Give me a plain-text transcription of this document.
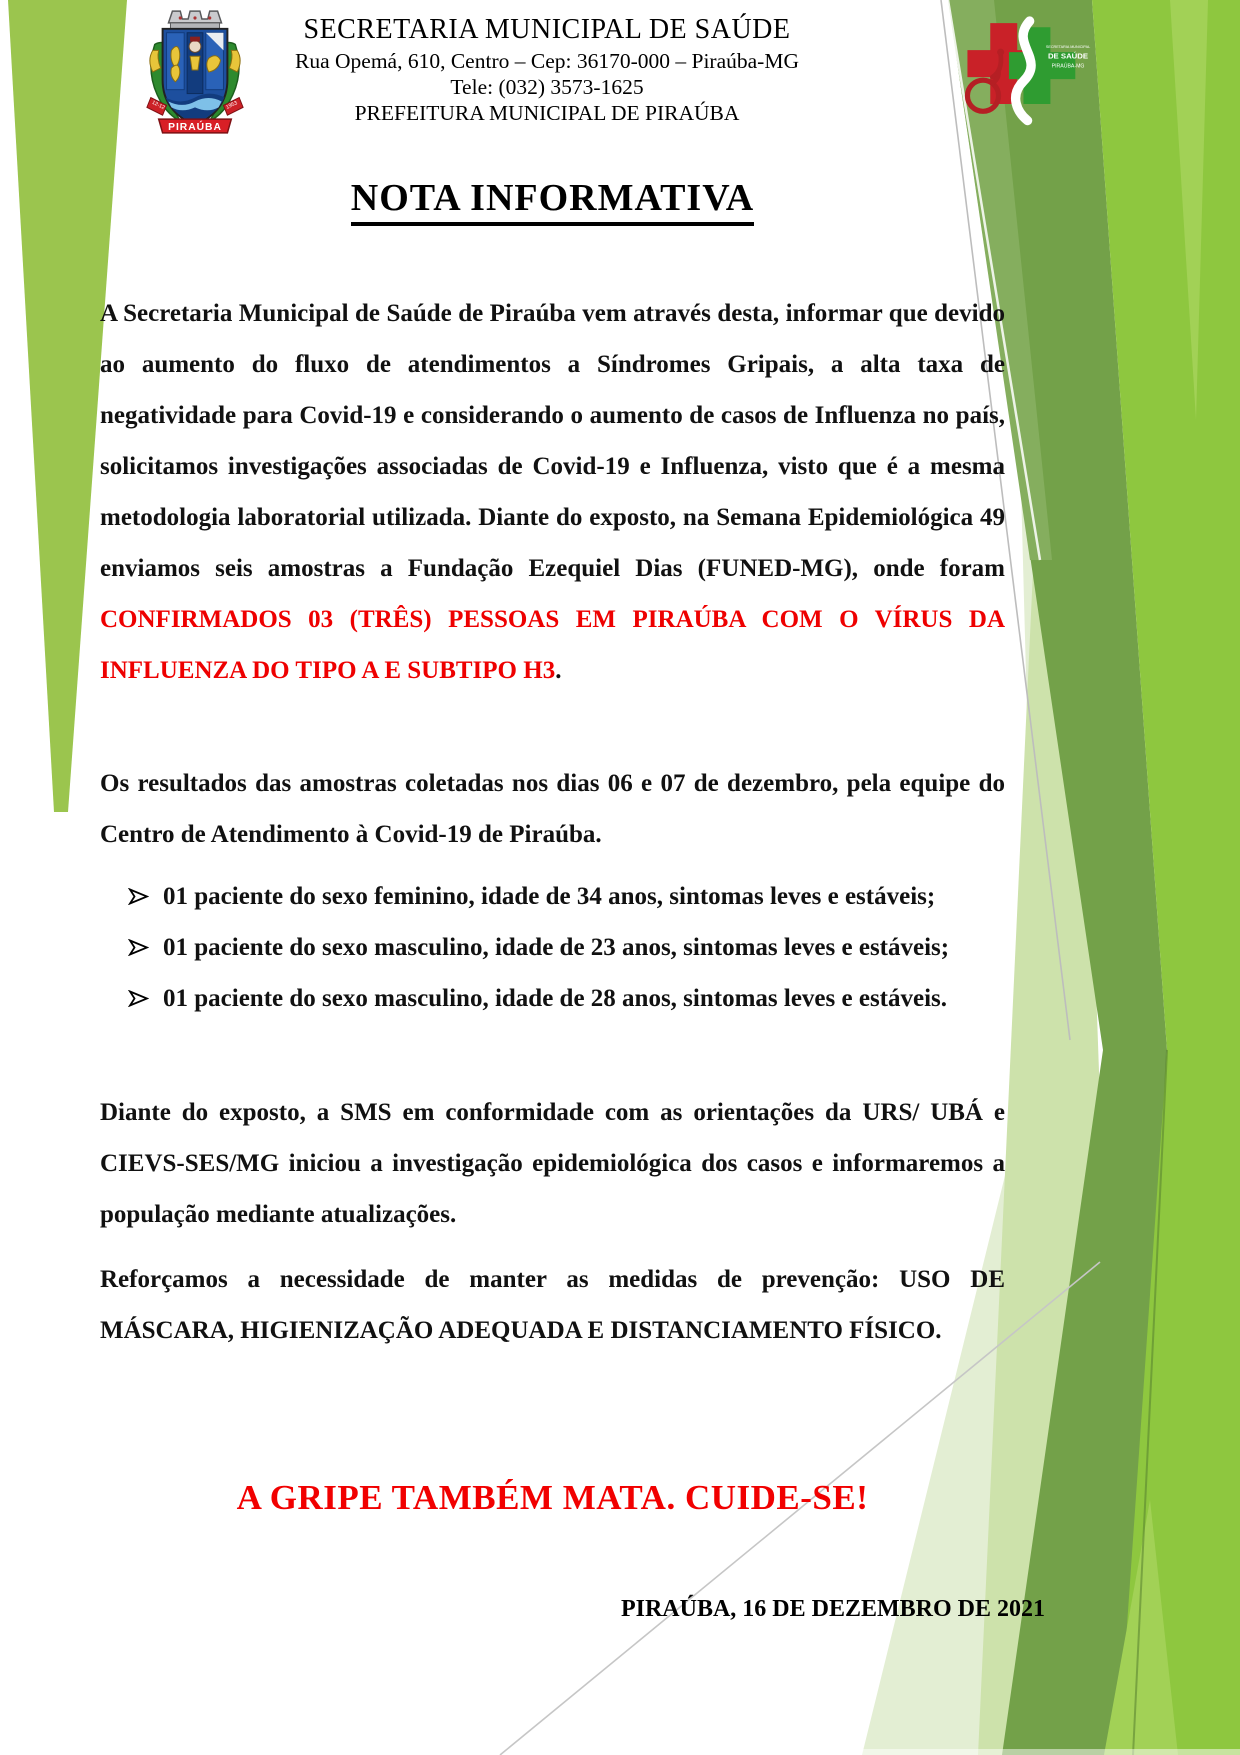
12-12	1953
PIRAÚBA
SECRETARIA MUNICIPAL DE SAÚDE
Rua Opemá, 610, Centro – Cep: 36170-000 – Piraúba-MG
Tele: (032) 3573-1625
PREFEITURA MUNICIPAL DE PIRAÚBA
SECRETARIA MUNICIPAL
DE SAÚDE
PIRAÚBA-MG
NOTA INFORMATIVA

A Secretaria Municipal de Saúde de Piraúba vem através desta, informar que devido ao aumento do fluxo de atendimentos a Síndromes Gripais, a alta taxa de negatividade para Covid-19 e considerando o aumento de casos de Influenza no país, solicitamos investigações associadas de Covid-19 e Influenza, visto que é a mesma metodologia laboratorial utilizada. Diante do exposto, na Semana Epidemiológica 49 enviamos seis amostras a Fundação Ezequiel Dias (FUNED-MG), onde foram CONFIRMADOS 03 (TRÊS) PESSOAS EM PIRAÚBA COM O VÍRUS DA INFLUENZA DO TIPO A E SUBTIPO H3.

Os resultados das amostras coletadas nos dias 06 e 07 de dezembro, pela equipe do Centro de Atendimento à Covid-19 de Piraúba.

01 paciente do sexo feminino, idade de 34 anos, sintomas leves e estáveis;
01 paciente do sexo masculino, idade de 23 anos, sintomas leves e estáveis;
01 paciente do sexo masculino, idade de 28 anos, sintomas leves e estáveis.

Diante do exposto, a SMS em conformidade com as orientações da URS/ UBÁ e CIEVS-SES/MG iniciou a investigação epidemiológica dos casos e informaremos a população mediante atualizações.

Reforçamos a necessidade de manter as medidas de prevenção: USO DE MÁSCARA, HIGIENIZAÇÃO ADEQUADA E DISTANCIAMENTO FÍSICO.

A GRIPE TAMBÉM MATA. CUIDE-SE!
PIRAÚBA, 16 DE DEZEMBRO DE 2021
